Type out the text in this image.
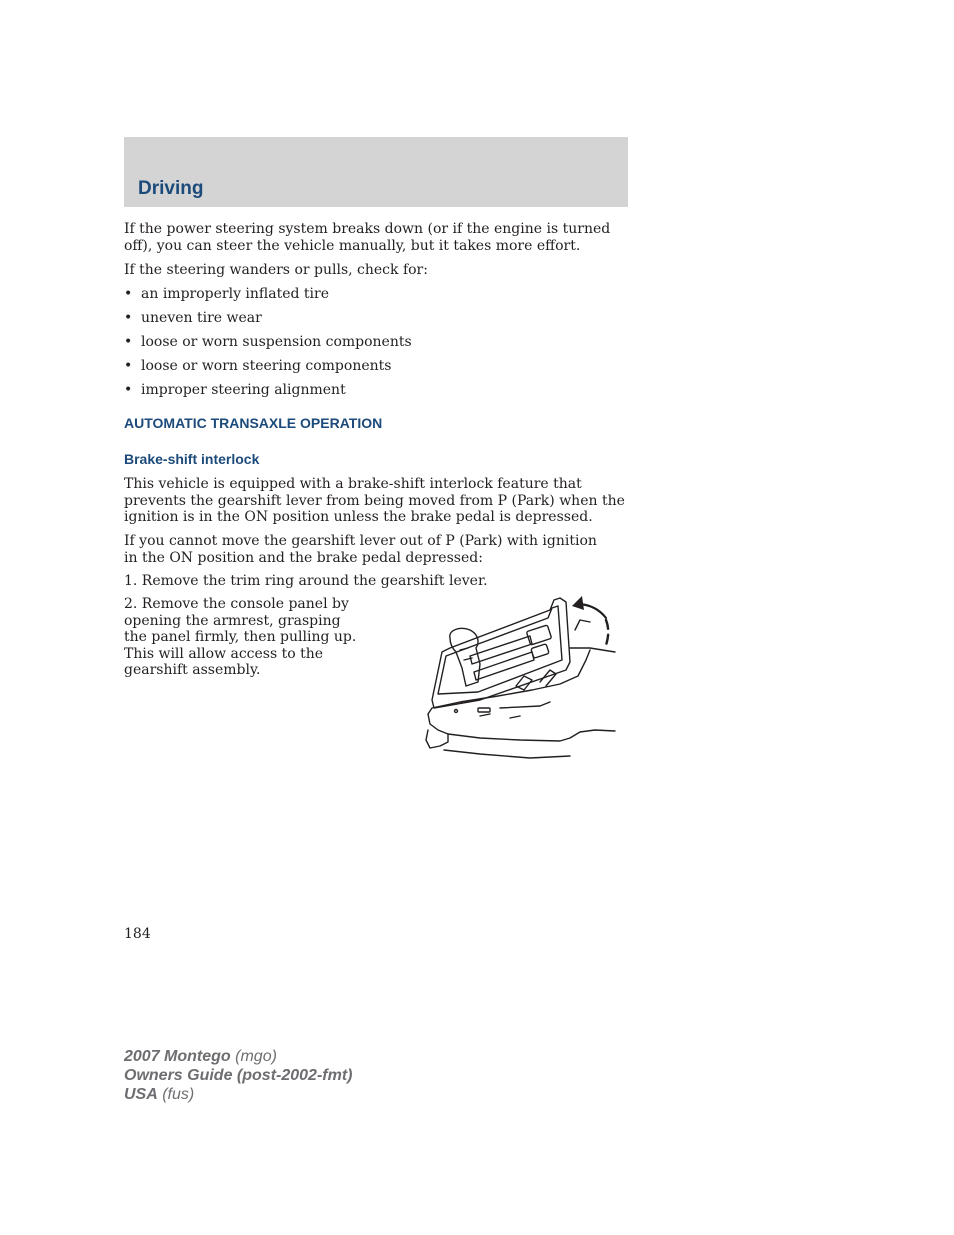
Driving

If the power steering system breaks down (or if the engine is turned off), you can steer the vehicle manually, but it takes more effort.

If the steering wanders or pulls, check for:

• an improperly inflated tire
• uneven tire wear
• loose or worn suspension components
• loose or worn steering components
• improper steering alignment
AUTOMATIC TRANSAXLE OPERATION
Brake-shift interlock

This vehicle is equipped with a brake-shift interlock feature that prevents the gearshift lever from being moved from P (Park) when the ignition is in the ON position unless the brake pedal is depressed.

If you cannot move the gearshift lever out of P (Park) with ignition in the ON position and the brake pedal depressed:

1. Remove the trim ring around the gearshift lever.

2. Remove the console panel by opening the armrest, grasping the panel firmly, then pulling up. This will allow access to the gearshift assembly.

184

2007 Montego (mgo)
Owners Guide (post-2002-fmt)
USA (fus)
